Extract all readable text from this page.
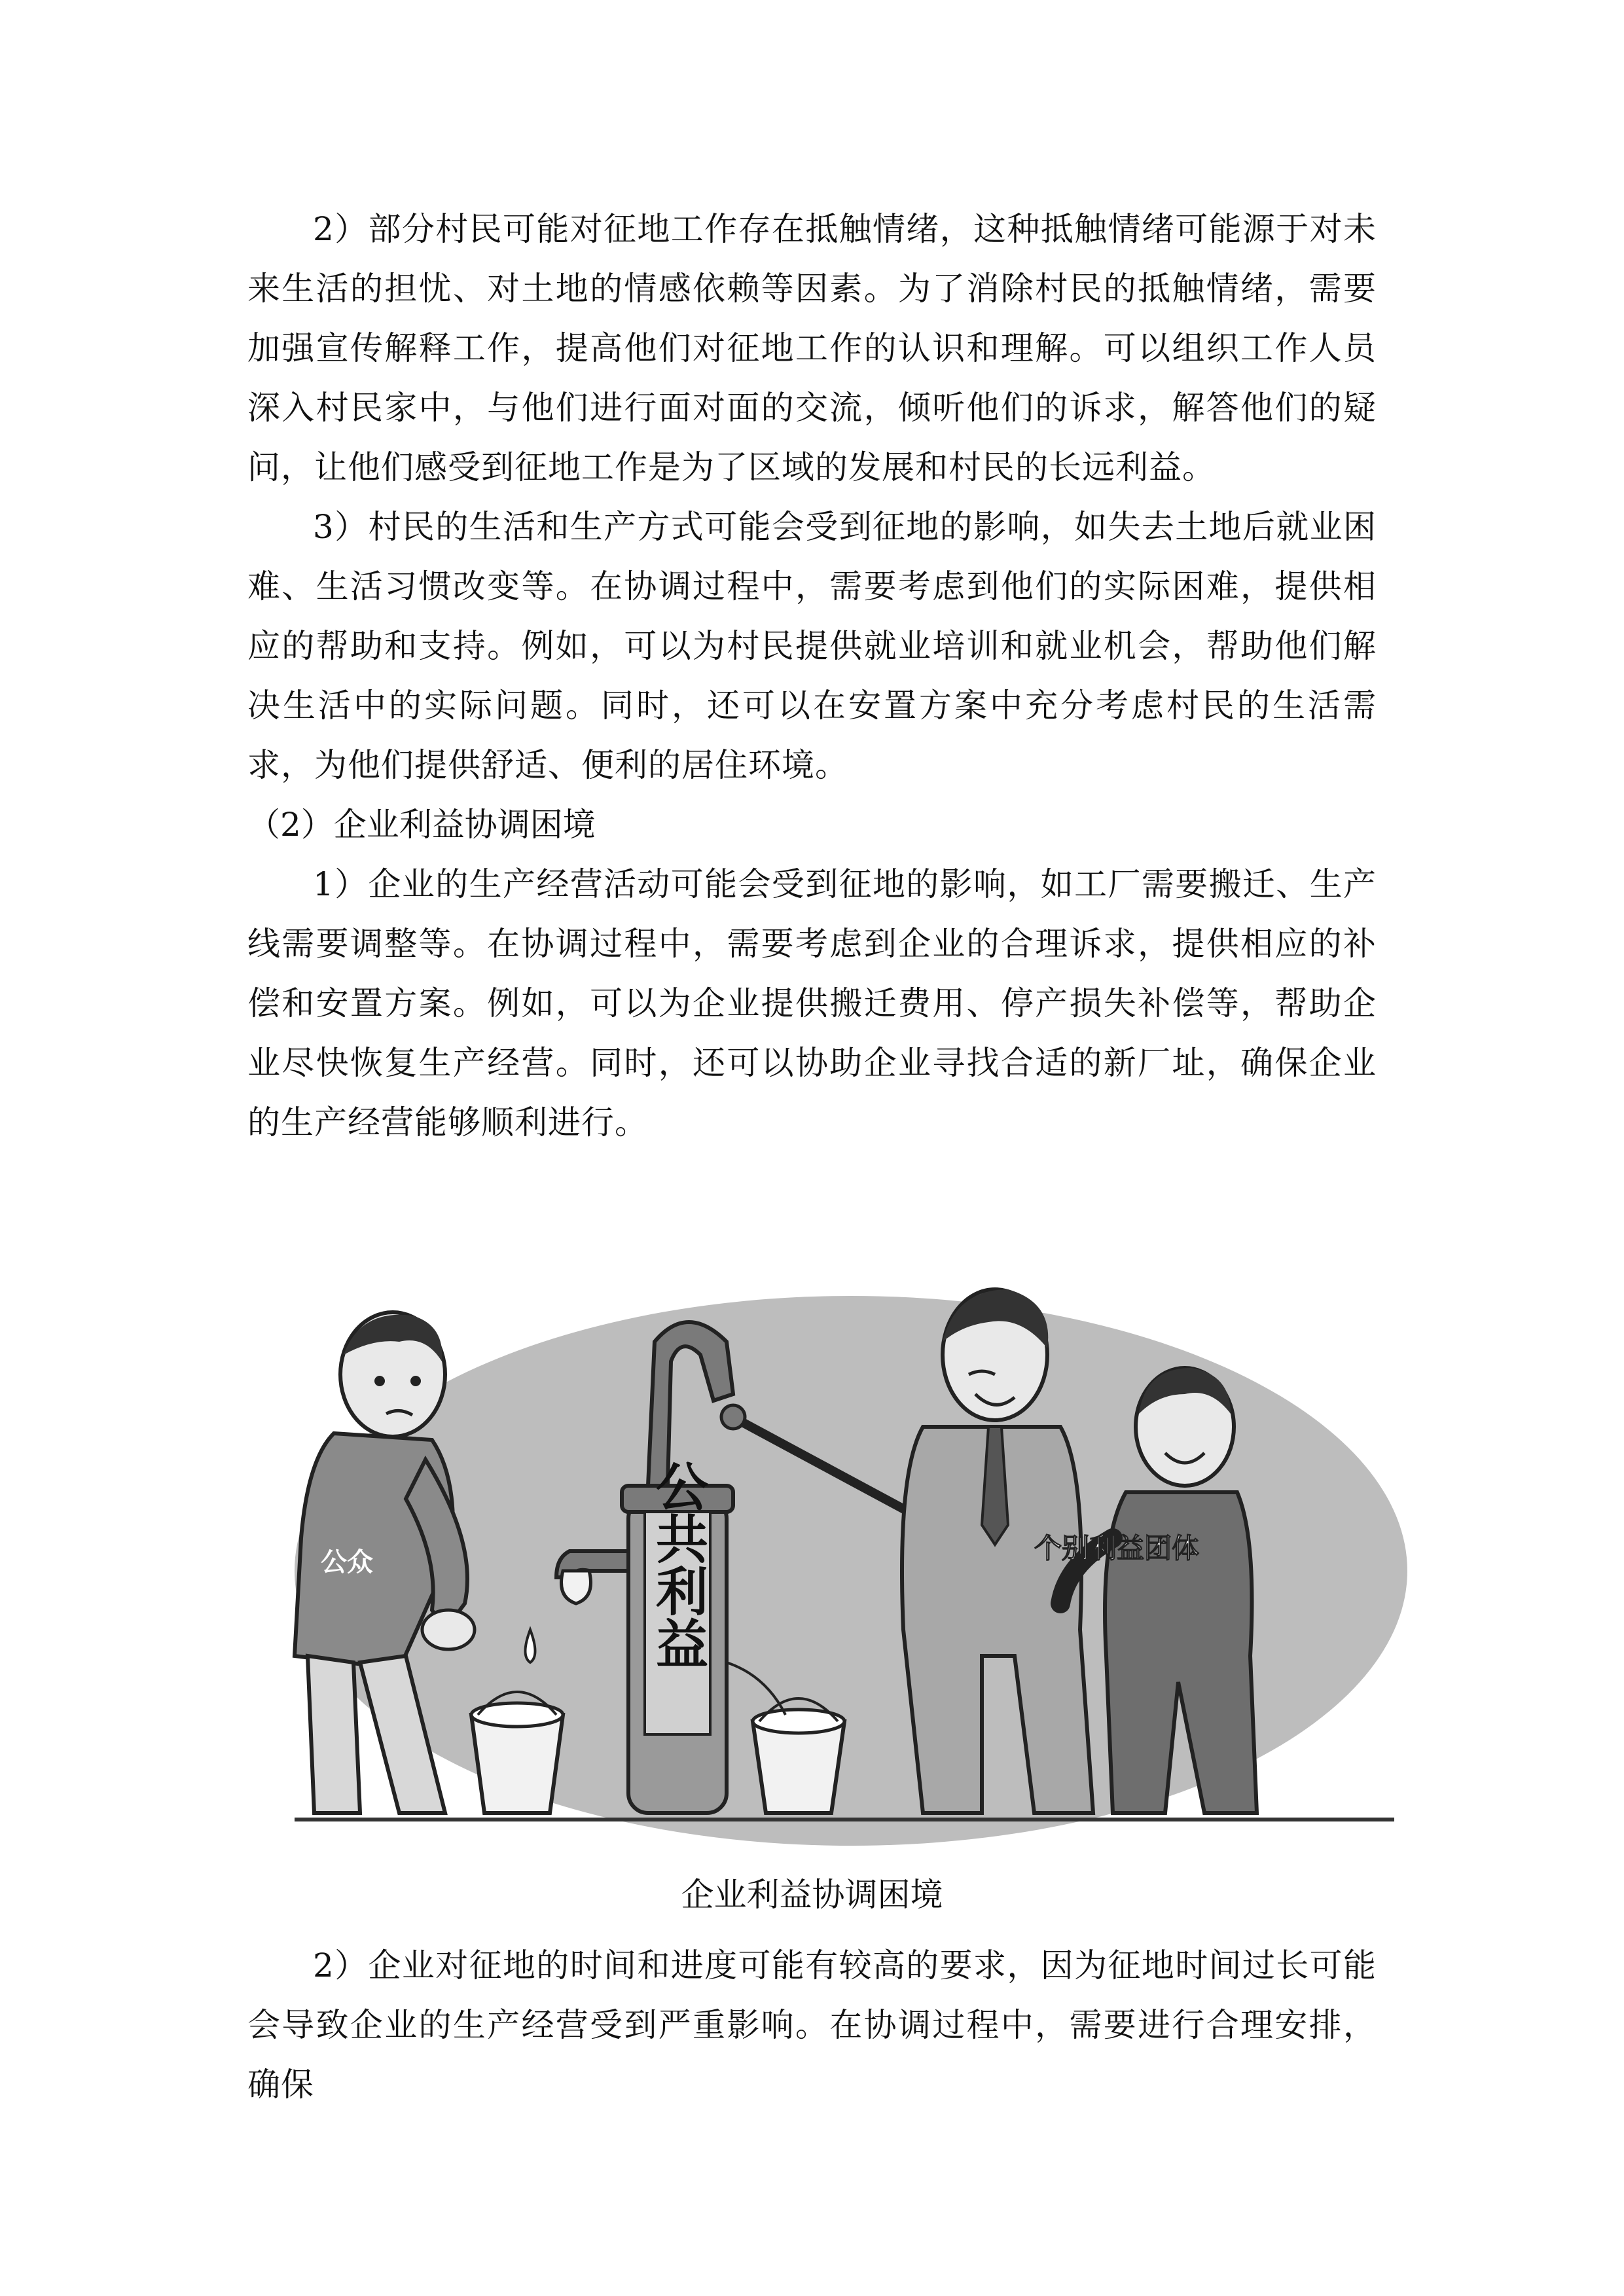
2）部分村民可能对征地工作存在抵触情绪，这种抵触情绪可能源于对未来生活的担忧、对土地的情感依赖等因素。为了消除村民的抵触情绪，需要加强宣传解释工作，提高他们对征地工作的认识和理解。可以组织工作人员深入村民家中，与他们进行面对面的交流，倾听他们的诉求，解答他们的疑问，让他们感受到征地工作是为了区域的发展和村民的长远利益。

3）村民的生活和生产方式可能会受到征地的影响，如失去土地后就业困难、生活习惯改变等。在协调过程中，需要考虑到他们的实际困难，提供相应的帮助和支持。例如，可以为村民提供就业培训和就业机会，帮助他们解决生活中的实际问题。同时，还可以在安置方案中充分考虑村民的生活需求，为他们提供舒适、便利的居住环境。

（2）企业利益协调困境

1）企业的生产经营活动可能会受到征地的影响，如工厂需要搬迁、生产线需要调整等。在协调过程中，需要考虑到企业的合理诉求，提供相应的补偿和安置方案。例如，可以为企业提供搬迁费用、停产损失补偿等，帮助企业尽快恢复生产经营。同时，还可以协助企业寻找合适的新厂址，确保企业的生产经营能够顺利进行。

公众	公共利益	个别利益团体
企业利益协调困境

2）企业对征地的时间和进度可能有较高的要求，因为征地时间过长可能会导致企业的生产经营受到严重影响。在协调过程中，需要进行合理安排，确保
